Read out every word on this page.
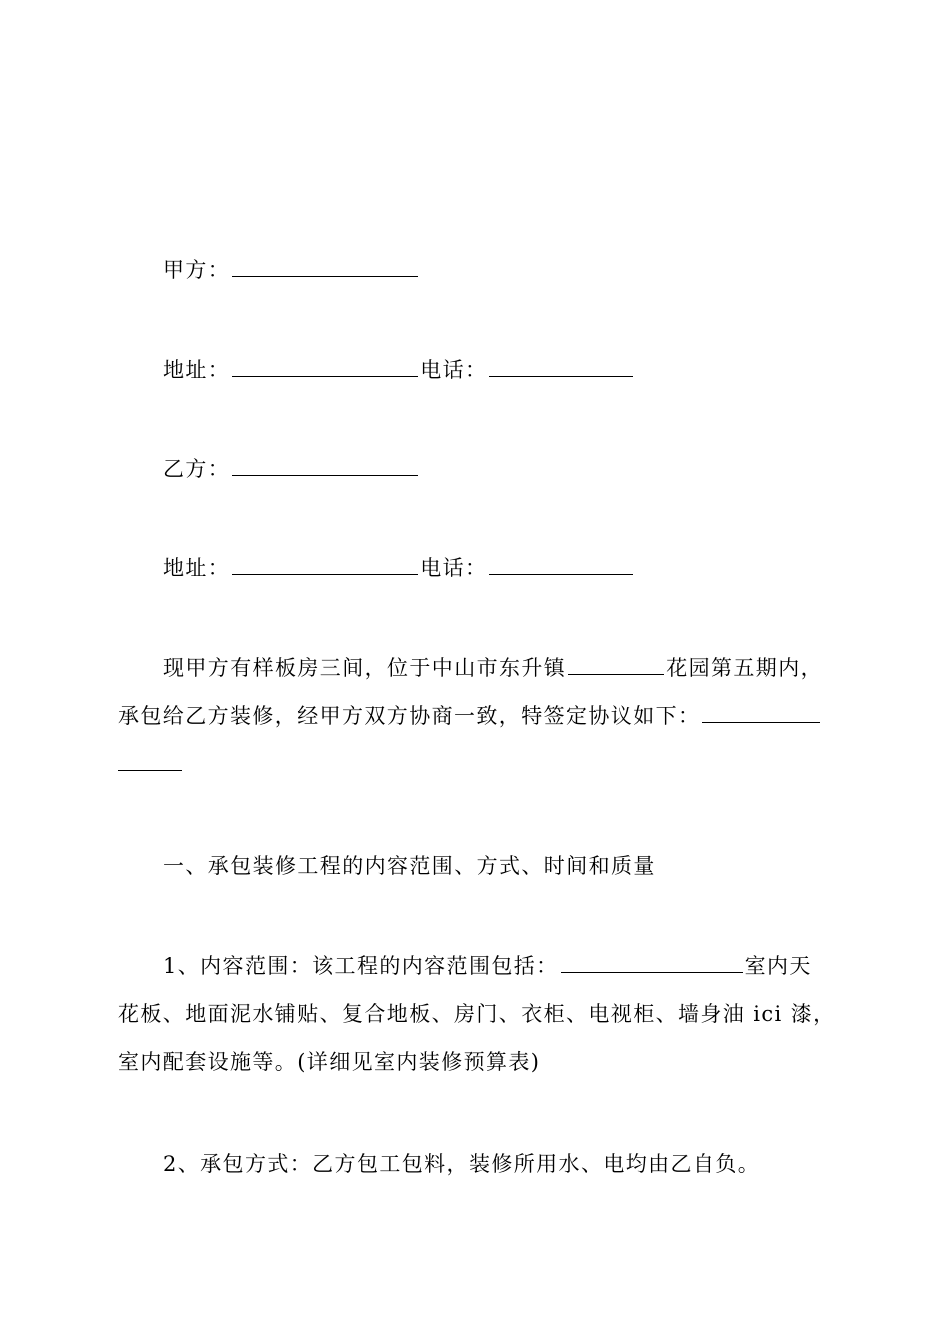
甲方：
地址：	电话：
乙方：
地址：	电话：
现甲方有样板房三间，位于中山市东升镇	花园第五期内，
承包给乙方装修，经甲方双方协商一致，特签定协议如下：
一、承包装修工程的内容范围、方式、时间和质量
1、内容范围：该工程的内容范围包括：	室内天
花板、地面泥水铺贴、复合地板、房门、衣柜、电视柜、墙身油 ici 漆，
室内配套设施等。(详细见室内装修预算表)
2、承包方式：乙方包工包料，装修所用水、电均由乙自负。
